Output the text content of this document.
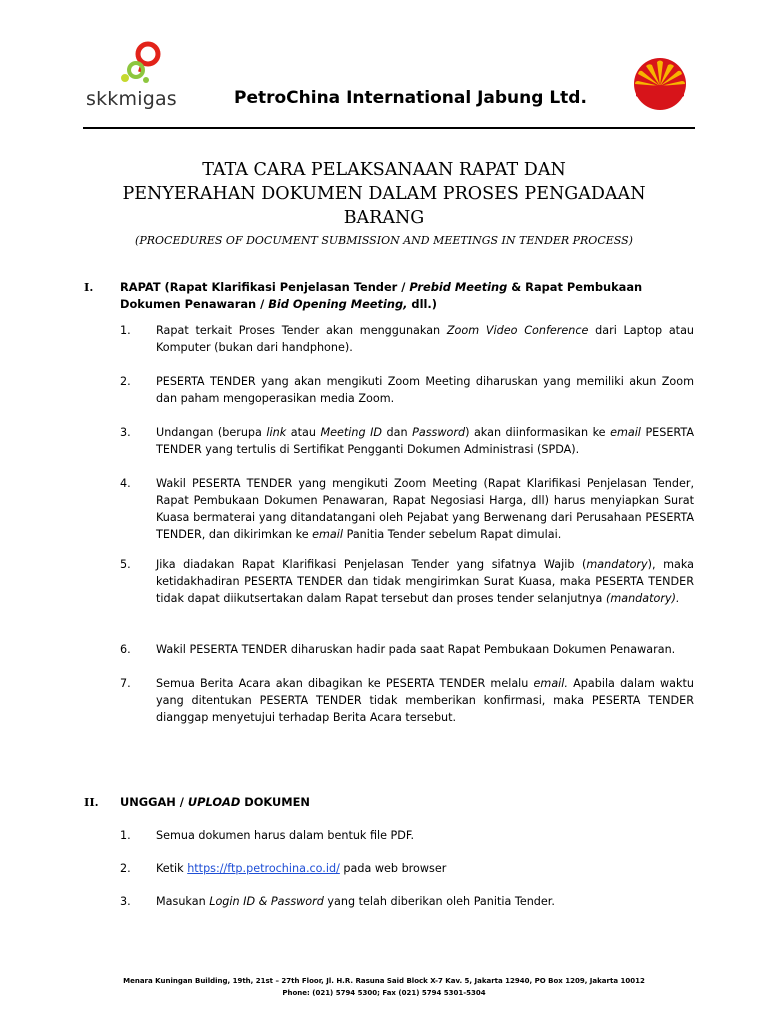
skkmigas	PetroChina International Jabung Ltd.
TATA CARA PELAKSANAAN RAPAT DAN
PENYERAHAN DOKUMEN DALAM PROSES PENGADAAN
BARANG
(PROCEDURES OF DOCUMENT SUBMISSION AND MEETINGS IN TENDER PROCESS)
I. RAPAT (Rapat Klarifikasi Penjelasan Tender / Prebid Meeting & Rapat Pembukaan
Dokumen Penawaran / Bid Opening Meeting, dll.)
1. Rapat terkait Proses Tender akan menggunakan Zoom Video Conference dari Laptop atau Komputer (bukan dari handphone).
2. PESERTA TENDER yang akan mengikuti Zoom Meeting diharuskan yang memiliki akun Zoom dan paham mengoperasikan media Zoom.
3. Undangan (berupa link atau Meeting ID dan Password) akan diinformasikan ke email PESERTA TENDER yang tertulis di Sertifikat Pengganti Dokumen Administrasi (SPDA).
4. Wakil PESERTA TENDER yang mengikuti Zoom Meeting (Rapat Klarifikasi Penjelasan Tender, Rapat Pembukaan Dokumen Penawaran, Rapat Negosiasi Harga, dll) harus menyiapkan Surat Kuasa bermaterai yang ditandatangani oleh Pejabat yang Berwenang dari Perusahaan PESERTA TENDER, dan dikirimkan ke email Panitia Tender sebelum Rapat dimulai.
5. Jika diadakan Rapat Klarifikasi Penjelasan Tender yang sifatnya Wajib (mandatory), maka ketidakhadiran PESERTA TENDER dan tidak mengirimkan Surat Kuasa, maka PESERTA TENDER tidak dapat diikutsertakan dalam Rapat tersebut dan proses tender selanjutnya (mandatory).
6. Wakil PESERTA TENDER diharuskan hadir pada saat Rapat Pembukaan Dokumen Penawaran.
7. Semua Berita Acara akan dibagikan ke PESERTA TENDER melalu email. Apabila dalam waktu yang ditentukan PESERTA TENDER tidak memberikan konfirmasi, maka PESERTA TENDER dianggap menyetujui terhadap Berita Acara tersebut.
II. UNGGAH / UPLOAD DOKUMEN
1. Semua dokumen harus dalam bentuk file PDF.
2. Ketik https://ftp.petrochina.co.id/ pada web browser
3. Masukan Login ID & Password yang telah diberikan oleh Panitia Tender.
Menara Kuningan Building, 19th, 21st – 27th Floor, Jl. H.R. Rasuna Said Block X-7 Kav. 5, Jakarta 12940, PO Box 1209, Jakarta 10012
Phone: (021) 5794 5300; Fax (021) 5794 5301-5304
